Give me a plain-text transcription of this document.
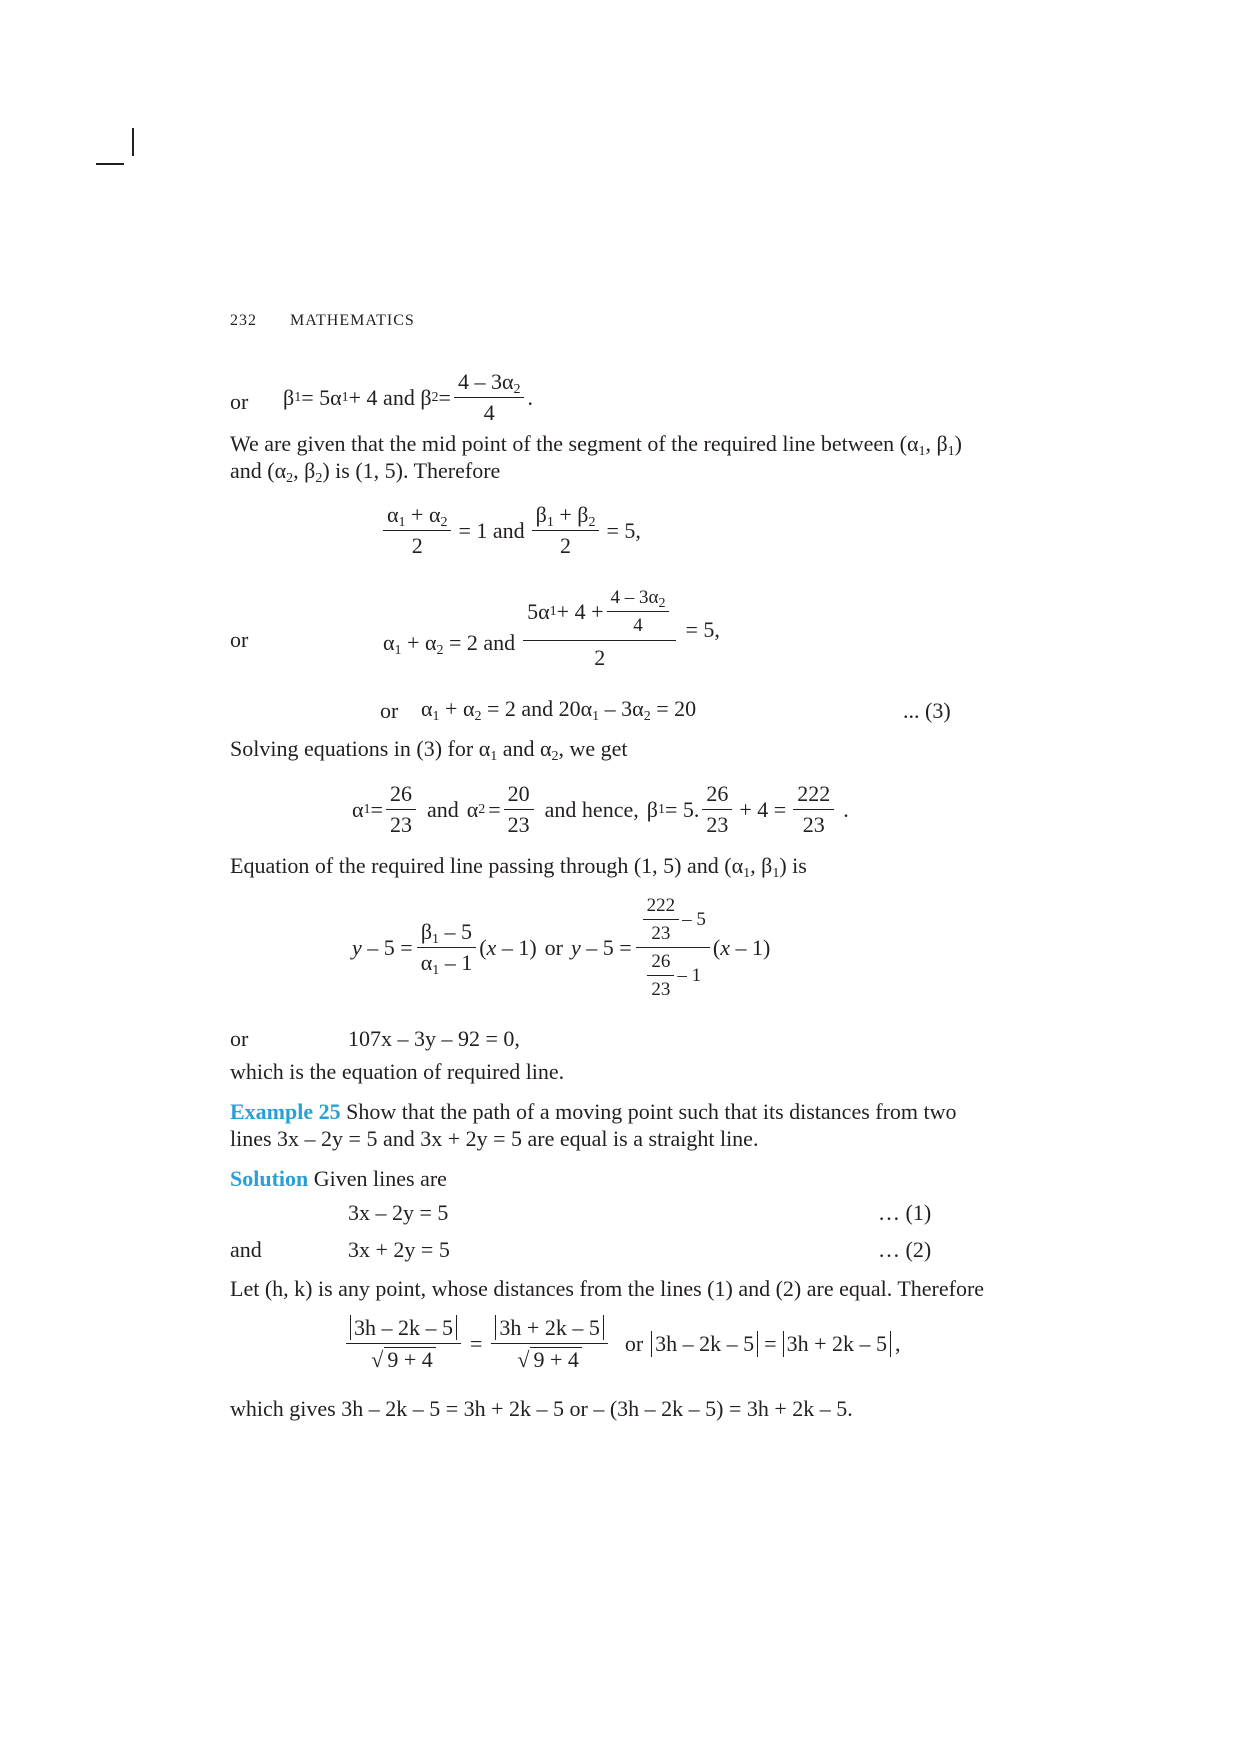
232 MATHEMATICS
or β 1 = 5α 1 + 4 and β $2 = \frac{4 - 3\alpha_2}{4}$ .
We are given that the mid point of the segment of the required line between ($\alpha_1$, $\beta_1$)
and ($\alpha_2$, $\beta_2$) is (1, 5). Therefore
$\frac{\alpha_1 + \alpha_2}{2} = 1$ and $\frac{\beta_1 + \beta_2}{2} = 5$,
or	$\alpha_1 + \alpha_2 = 2$ and $\frac{5\alpha 1 + 4 + \frac{4 - 3\alpha_2}{4}}{2} = 5$,
or $\alpha_1 + \alpha_2 = 2$ and $20\alpha_1 - 3\alpha_2 = 20$	... (3)
Solving equations in (3) for $\alpha_1$ and $\alpha_2$, we get
α $1 = \frac{26}{23}$ and α $2 = \frac{20}{23}$ and hence, β 1 = 5. $\frac{26}{23} + 4 = \frac{222}{23}$ .
Equation of the required line passing through (1, 5) and ($\alpha_1$, $\beta_1$) is
$y - 5 = \frac{\beta_1 - 5}{\alpha_1 - 1} (x - 1)$ or $y - 5 = \frac{\frac{222}{23} - 5}{\frac{26}{23} - 1} (x - 1)$
or	107x – 3y – 92 = 0,
which is the equation of required line.
Example 25 Show that the path of a moving point such that its distances from two
lines 3x – 2y = 5 and 3x + 2y = 5 are equal is a straight line.
Solution Given lines are
3x – 2y = 5	… (1)
and	3x + 2y = 5	… (2)
Let (h, k) is any point, whose distances from the lines (1) and (2) are equal. Therefore
$\frac{3h - 2k - 5}{√ 9 + 4} = \frac{3h + 2k - 5}{√ 9 + 4}$ or 3h – 2k – 5 = 3h + 2k – 5 ,
which gives 3h – 2k – 5 = 3h + 2k – 5 or – (3h – 2k – 5) = 3h + 2k – 5.
